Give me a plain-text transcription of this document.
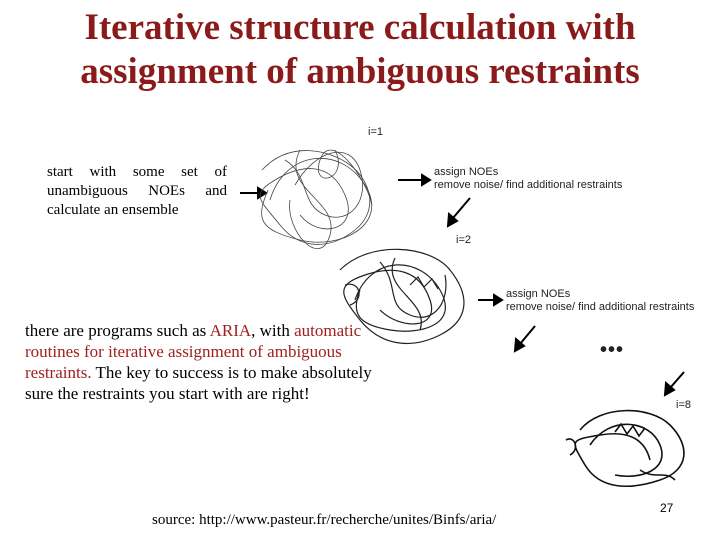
Iterative structure calculation with
assignment of ambiguous restraints
start with some set of unambiguous NOEs and calculate an ensemble
i=1
assign NOEs
remove noise/ find additional restraints
i=2
assign NOEs
remove noise/ find additional restraints
•••
i=8
there are programs such as ARIA, with automatic routines for iterative assignment of ambiguous restraints. The key to success is to make absolutely sure the restraints you start with are right!
source: http://www.pasteur.fr/recherche/unites/Binfs/aria/
27
